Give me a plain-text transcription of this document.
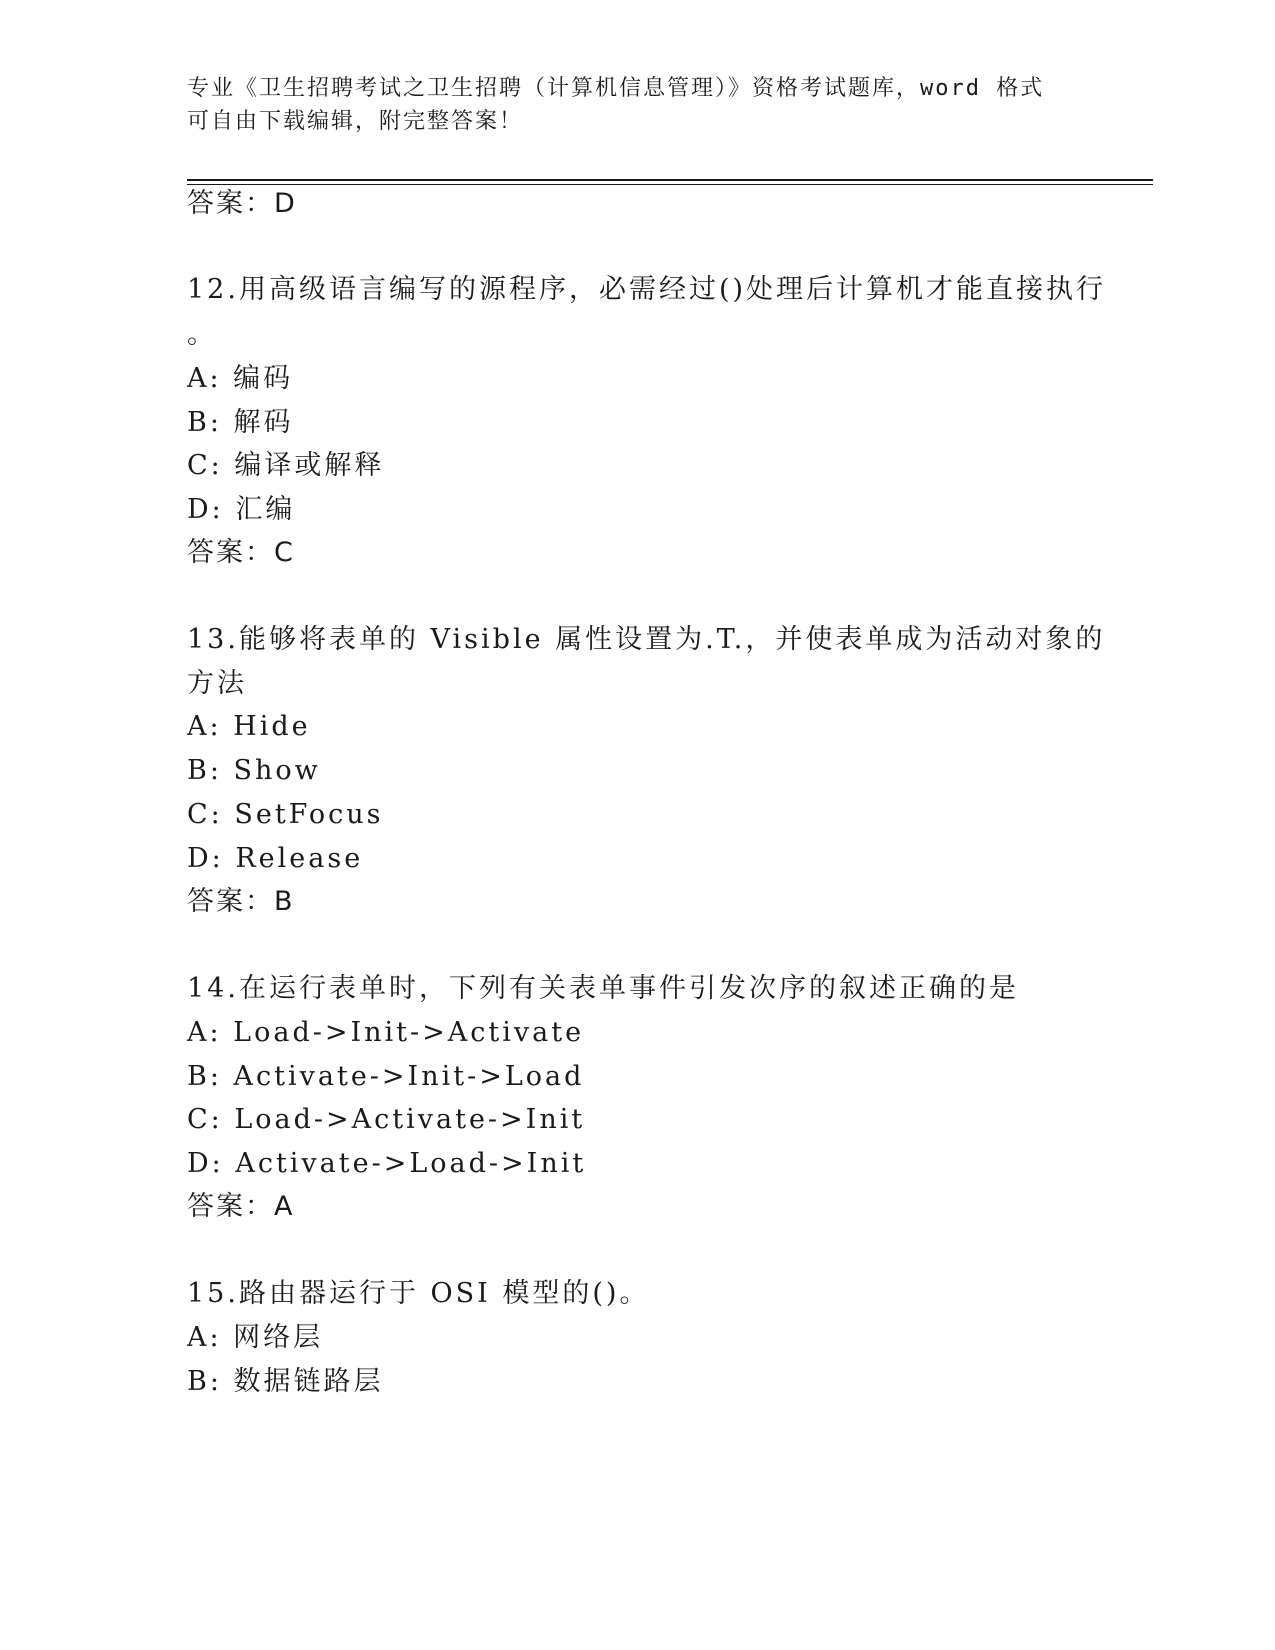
专业《卫生招聘考试之卫生招聘（计算机信息管理）》资格考试题库，word 格式
可自由下载编辑，附完整答案！
答案：D
12.用高级语言编写的源程序，必需经过()处理后计算机才能直接执行
。
A: 编码
B: 解码
C: 编译或解释
D: 汇编
答案：C
13.能够将表单的 Visible 属性设置为.T.，并使表单成为活动对象的
方法
A: Hide
B: Show
C: SetFocus
D: Release
答案：B
14.在运行表单时，下列有关表单事件引发次序的叙述正确的是
A: Load->Init->Activate
B: Activate->Init->Load
C: Load->Activate->Init
D: Activate->Load->Init
答案：A
15.路由器运行于 OSI 模型的()。
A: 网络层
B: 数据链路层
